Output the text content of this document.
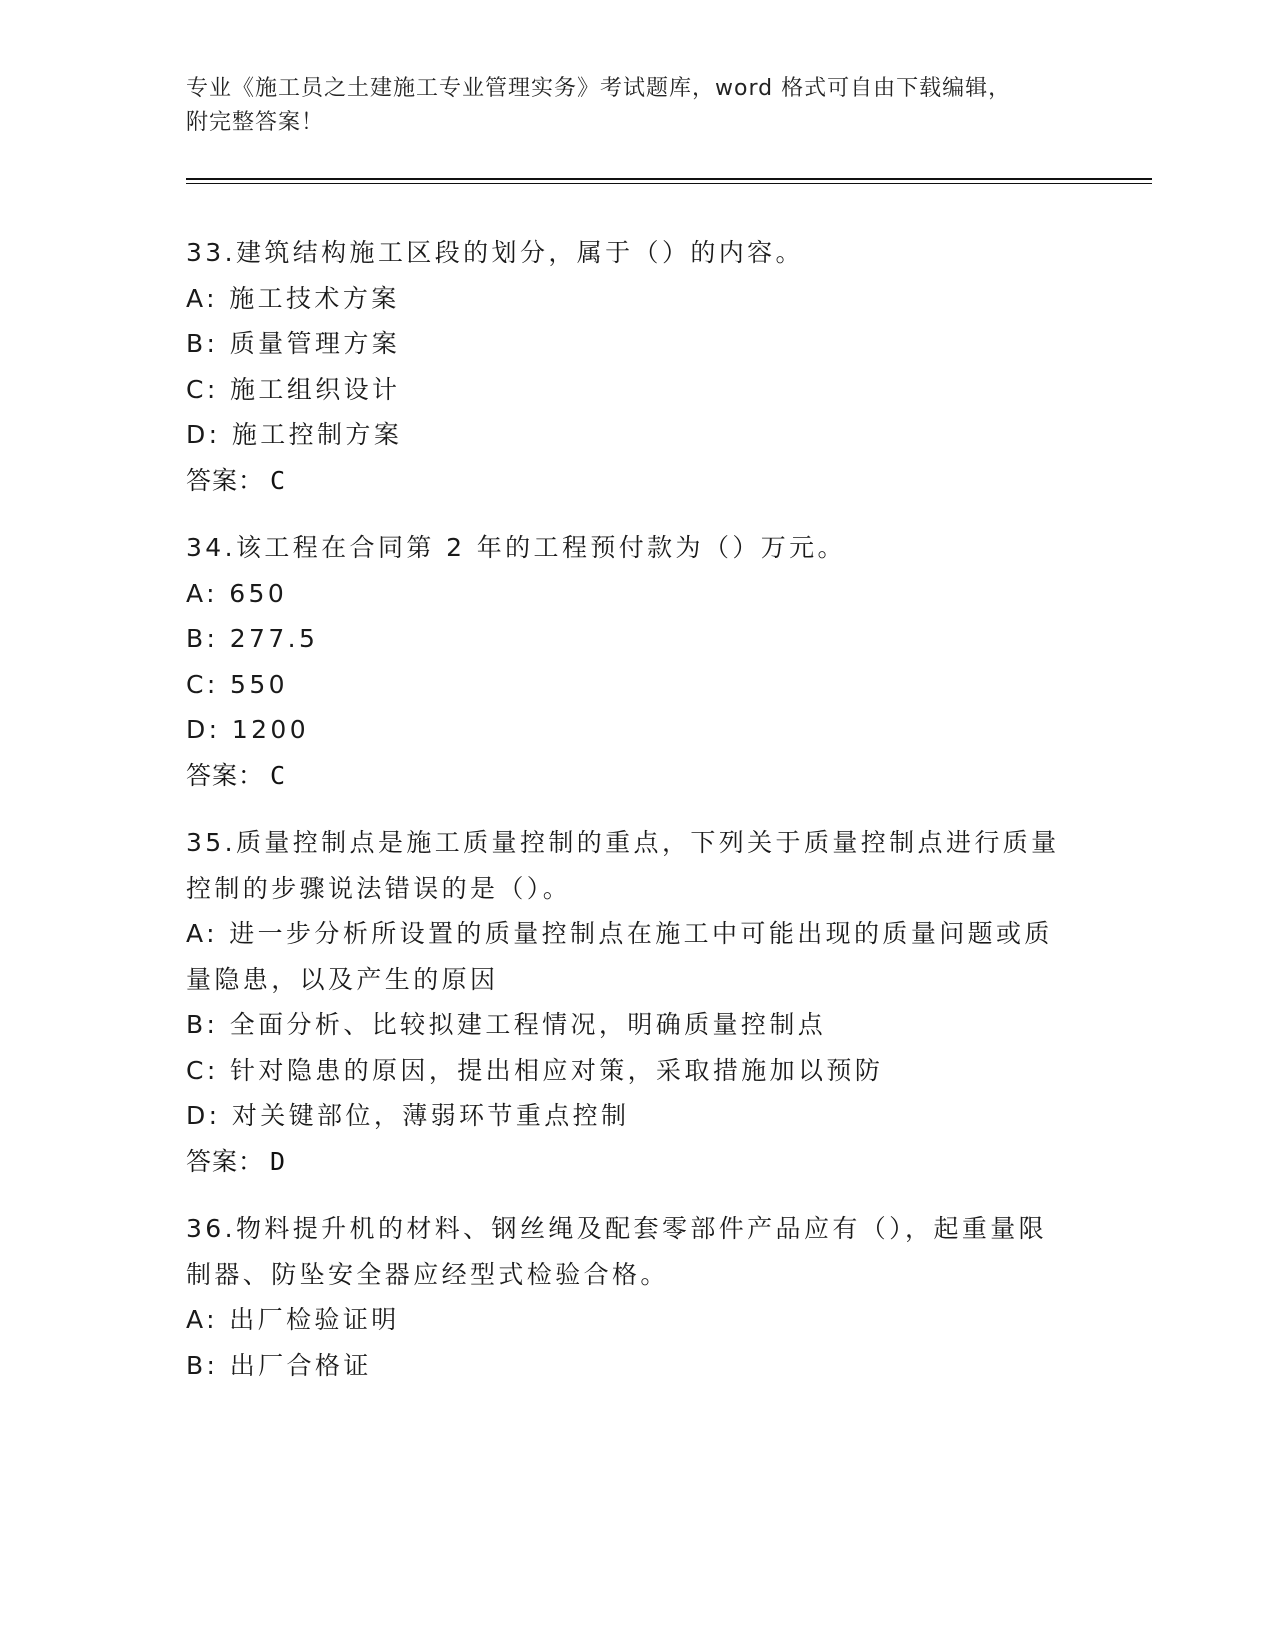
专业《施工员之土建施工专业管理实务》考试题库，word 格式可自由下载编辑，
附完整答案！
33.建筑结构施工区段的划分，属于（）的内容。
A: 施工技术方案
B: 质量管理方案
C: 施工组织设计
D: 施工控制方案
答案： C
34.该工程在合同第 2 年的工程预付款为（）万元。
A: 650
B: 277.5
C: 550
D: 1200
答案： C
35.质量控制点是施工质量控制的重点，下列关于质量控制点进行质量
控制的步骤说法错误的是（）。
A: 进一步分析所设置的质量控制点在施工中可能出现的质量问题或质
量隐患，以及产生的原因
B: 全面分析、比较拟建工程情况，明确质量控制点
C: 针对隐患的原因，提出相应对策，采取措施加以预防
D: 对关键部位，薄弱环节重点控制
答案： D
36.物料提升机的材料、钢丝绳及配套零部件产品应有（），起重量限
制器、防坠安全器应经型式检验合格。
A: 出厂检验证明
B: 出厂合格证
